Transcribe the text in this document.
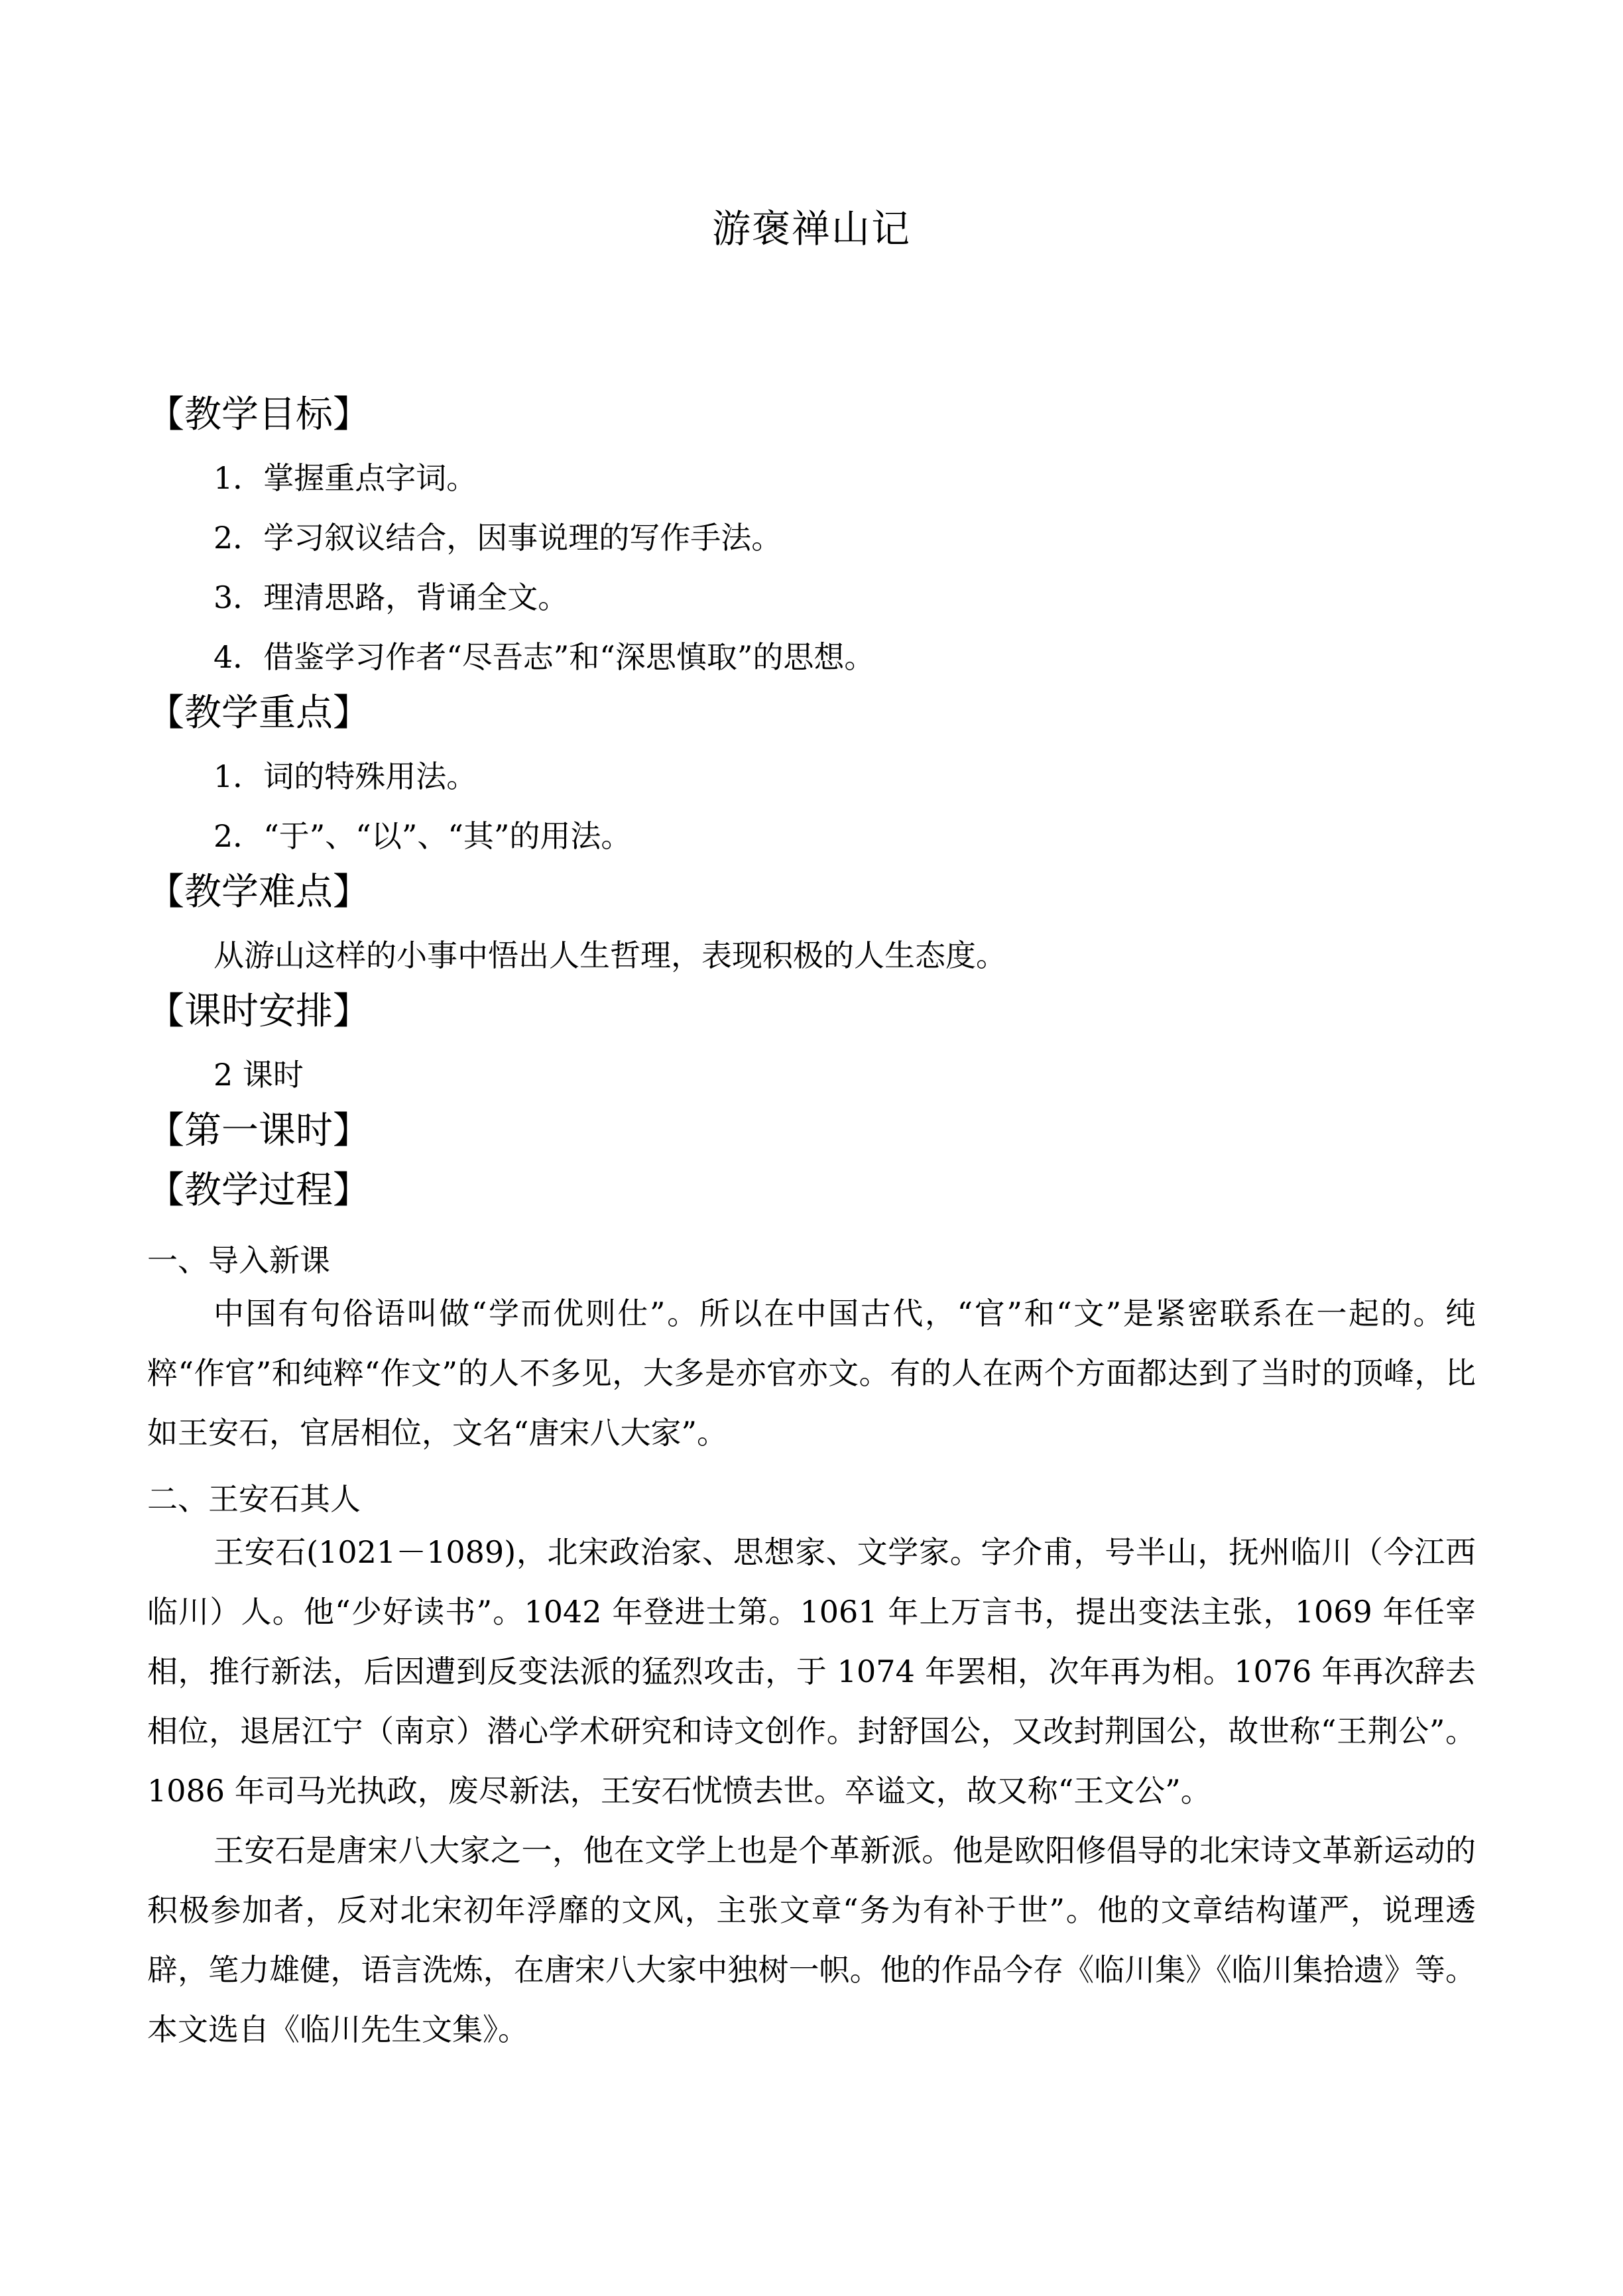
游褒禅山记
【教学目标】
1．掌握重点字词。
2．学习叙议结合，因事说理的写作手法。
3．理清思路，背诵全文。
4．借鉴学习作者“尽吾志”和“深思慎取”的思想。
【教学重点】
1．词的特殊用法。
2．“于”、“以”、“其”的用法。
【教学难点】
从游山这样的小事中悟出人生哲理，表现积极的人生态度。
【课时安排】
2 课时
【第一课时】
【教学过程】
一、导入新课
中国有句俗语叫做“学而优则仕”。所以在中国古代，“官”和“文”是紧密联系在一起的。纯粹“作官”和纯粹“作文”的人不多见，大多是亦官亦文。有的人在两个方面都达到了当时的顶峰，比如王安石，官居相位，文名“唐宋八大家”。
二、王安石其人
王安石(1021－1089)，北宋政治家、思想家、文学家。字介甫，号半山，抚州临川（今江西临川）人。他“少好读书”。1042 年登进士第。1061 年上万言书，提出变法主张，1069 年任宰相，推行新法，后因遭到反变法派的猛烈攻击，于 1074 年罢相，次年再为相。1076 年再次辞去相位，退居江宁（南京）潜心学术研究和诗文创作。封舒国公，又改封荆国公，故世称“王荆公”。1086 年司马光执政，废尽新法，王安石忧愤去世。卒谥文，故又称“王文公”。
王安石是唐宋八大家之一，他在文学上也是个革新派。他是欧阳修倡导的北宋诗文革新运动的积极参加者，反对北宋初年浮靡的文风，主张文章“务为有补于世”。他的文章结构谨严，说理透辟，笔力雄健，语言洗炼，在唐宋八大家中独树一帜。他的作品今存《临川集》《临川集拾遗》等。本文选自《临川先生文集》。
